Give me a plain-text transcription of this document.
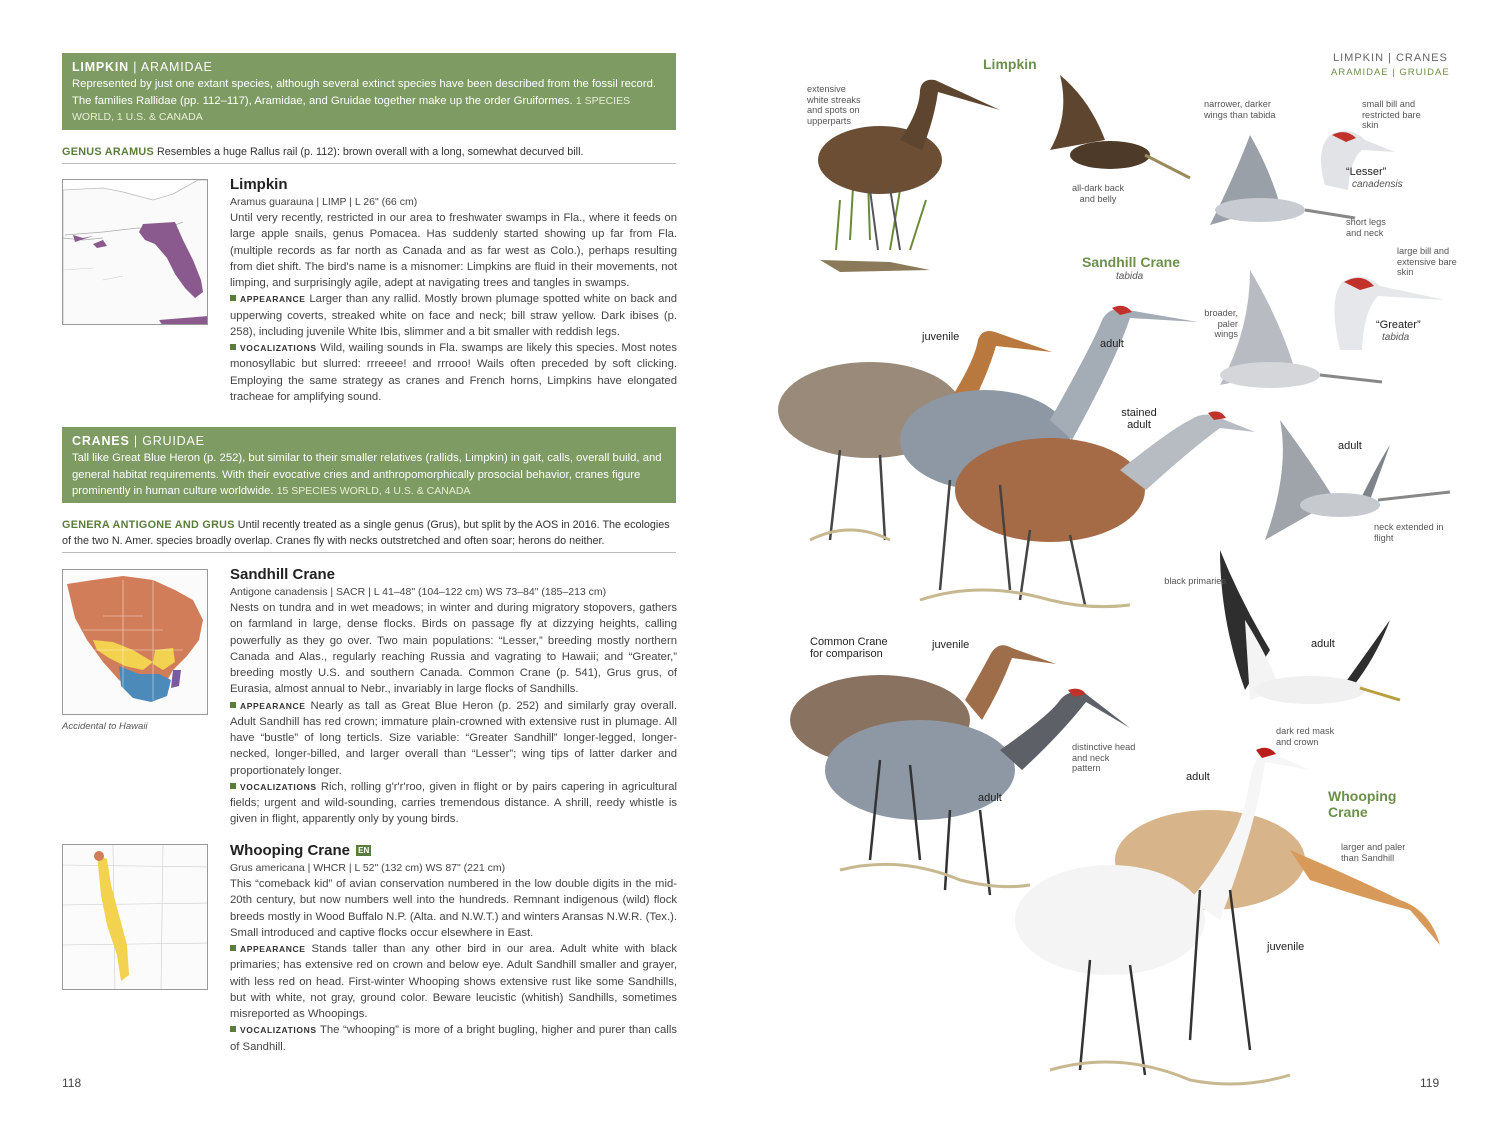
LIMPKIN | ARAMIDAE
Represented by just one extant species, although several extinct species have been described from the fossil record. The families Rallidae (pp. 112–117), Aramidae, and Gruidae together make up the order Gruiformes. 1 SPECIES WORLD, 1 U.S. & CANADA
GENUS ARAMUS Resembles a huge Rallus rail (p. 112): brown overall with a long, somewhat decurved bill.
Limpkin
Aramus guarauna | LIMP | L 26" (66 cm)
Until very recently, restricted in our area to freshwater swamps in Fla., where it feeds on large apple snails, genus Pomacea. Has suddenly started showing up far from Fla. (multiple records as far north as Canada and as far west as Colo.), perhaps resulting from diet shift. The bird's name is a misnomer: Limpkins are fluid in their movements, not limping, and surprisingly agile, adept at navigating trees and tangles in swamps.
APPEARANCE Larger than any rallid. Mostly brown plumage spotted white on back and upperwing coverts, streaked white on face and neck; bill straw yellow. Dark ibises (p. 258), including juvenile White Ibis, slimmer and a bit smaller with reddish legs.
VOCALIZATIONS Wild, wailing sounds in Fla. swamps are likely this species. Most notes monosyllabic but slurred: rrreeee! and rrrooo! Wails often preceded by soft clicking. Employing the same strategy as cranes and French horns, Limpkins have elongated tracheae for amplifying sound.
CRANES | GRUIDAE
Tall like Great Blue Heron (p. 252), but similar to their smaller relatives (rallids, Limpkin) in gait, calls, overall build, and general habitat requirements. With their evocative cries and anthropomorphically prosocial behavior, cranes figure prominently in human culture worldwide. 15 SPECIES WORLD, 4 U.S. & CANADA
GENERA ANTIGONE AND GRUS Until recently treated as a single genus (Grus), but split by the AOS in 2016. The ecologies of the two N. Amer. species broadly overlap. Cranes fly with necks outstretched and often soar; herons do neither.
Accidental to Hawaii
Sandhill Crane
Antigone canadensis | SACR | L 41–48" (104–122 cm) WS 73–84" (185–213 cm)
Nests on tundra and in wet meadows; in winter and during migratory stopovers, gathers on farmland in large, dense flocks. Birds on passage fly at dizzying heights, calling powerfully as they go over. Two main populations: “Lesser,” breeding mostly northern Canada and Alas., regularly reaching Russia and vagrating to Hawaii; and “Greater,” breeding mostly U.S. and southern Canada. Common Crane (p. 541), Grus grus, of Eurasia, almost annual to Nebr., invariably in large flocks of Sandhills.
APPEARANCE Nearly as tall as Great Blue Heron (p. 252) and similarly gray overall. Adult Sandhill has red crown; immature plain-crowned with extensive rust in plumage. All have “bustle” of long terticls. Size variable: “Greater Sandhill” longer-legged, longer-necked, longer-billed, and larger overall than “Lesser”; wing tips of latter darker and proportionately longer.
VOCALIZATIONS Rich, rolling g'r'r'roo, given in flight or by pairs capering in agricultural fields; urgent and wild-sounding, carries tremendous distance. A shrill, reedy whistle is given in flight, apparently only by young birds.
Whooping Crane EN
Grus americana | WHCR | L 52" (132 cm) WS 87" (221 cm)
This “comeback kid” of avian conservation numbered in the low double digits in the mid-20th century, but now numbers well into the hundreds. Remnant indigenous (wild) flock breeds mostly in Wood Buffalo N.P. (Alta. and N.W.T.) and winters Aransas N.W.R. (Tex.). Small introduced and captive flocks occur elsewhere in East.
APPEARANCE Stands taller than any other bird in our area. Adult white with black primaries; has extensive red on crown and below eye. Adult Sandhill smaller and grayer, with less red on head. First-winter Whooping shows extensive rust like some Sandhills, but with white, not gray, ground color. Beware leucistic (whitish) Sandhills, sometimes misreported as Whoopings.
VOCALIZATIONS The “whooping” is more of a bright bugling, higher and purer than calls of Sandhill.
118
LIMPKIN | CRANES
ARAMIDAE | GRUIDAE
Limpkin
Sandhill Crane
tabida
Whooping Crane
extensive white streaks and spots on upperparts
all-dark back and belly
narrower, darker wings than tabida
small bill and restricted bare skin
“Lesser”
canadensis
short legs and neck
large bill and extensive bare skin
broader, paler wings
“Greater”
tabida
juvenile
adult
stained adult
adult
neck extended in flight
black primaries
adult
Common Crane for comparison
juvenile
adult
distinctive head and neck pattern
dark red mask and crown
adult
larger and paler than Sandhill
juvenile
119
